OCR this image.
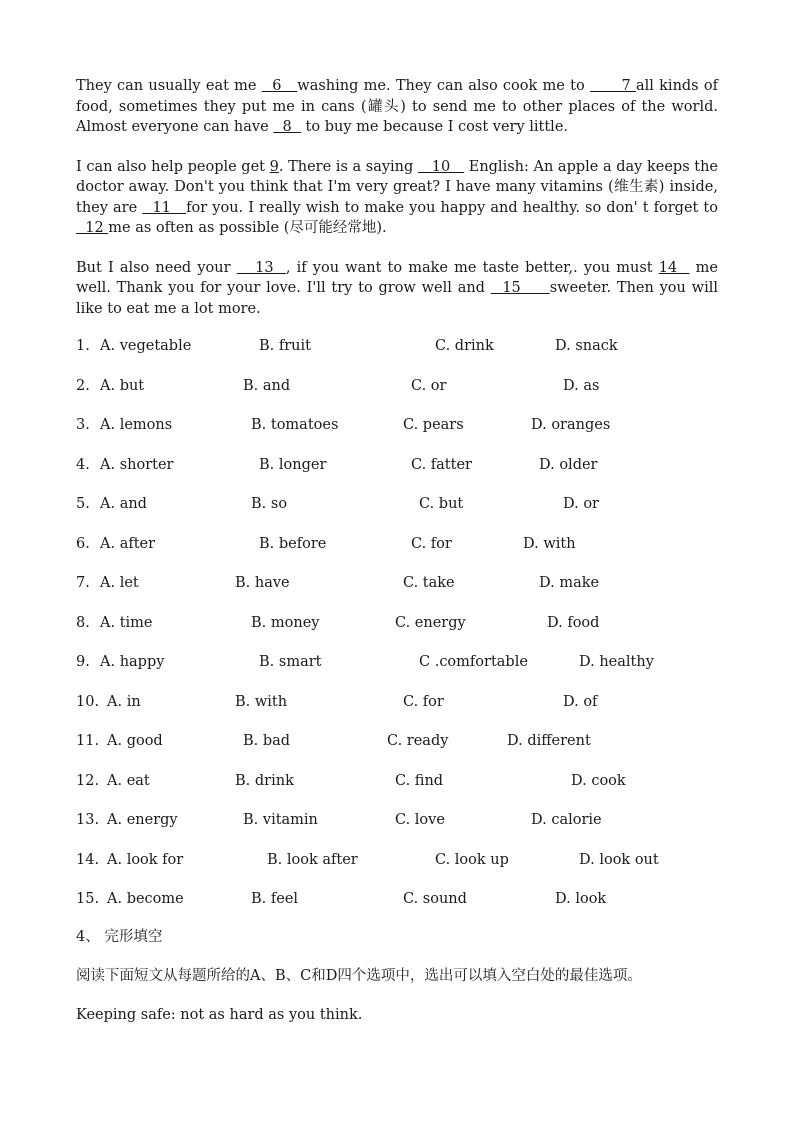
They can usually eat me   6   washing me. They can also cook me to       7 all kinds of food, sometimes they put me in cans (罐头) to send me to other places of the world. Almost everyone can have   8   to buy me because I cost very little.

I can also help people get 9. There is a saying    10    English: An apple a day keeps the doctor away. Don't you think that I'm very great? I have many vitamins (维生素) inside, they are   11   for you. I really wish to make you happy and healthy. so don' t forget to   12 me as often as possible (尽可能经常地).

But I also need your    13  , if you want to make me taste better,. you must 14   me well. Thank you for your love. I'll try to grow well and   15     sweeter. Then you will like to eat me a lot more.

1. A. vegetable	B. fruit	C. drink	D. snack
2. A. but	B. and	C. or	D. as
3. A. lemons	B. tomatoes	C. pears	D. oranges
4. A. shorter	B. longer	C. fatter	D. older
5. A. and	B. so	C. but	D. or
6. A. after	B. before	C. for	D. with
7. A. let	B. have	C. take	D. make
8. A. time	B. money	C. energy	D. food
9. A. happy	B. smart	C .comfortable	D. healthy
10. A. in	B. with	C. for	D. of
11. A. good	B. bad	C. ready	D. different
12. A. eat	B. drink	C. find	D. cook
13. A. energy	B. vitamin	C. love	D. calorie
14. A. look for	B. look after	C. look up	D. look out
15. A. become	B. feel	C. sound	D. look

4、 完形填空

阅读下面短文从每题所给的A、B、C和D四个选项中，选出可以填入空白处的最佳选项。

Keeping safe: not as hard as you think.
